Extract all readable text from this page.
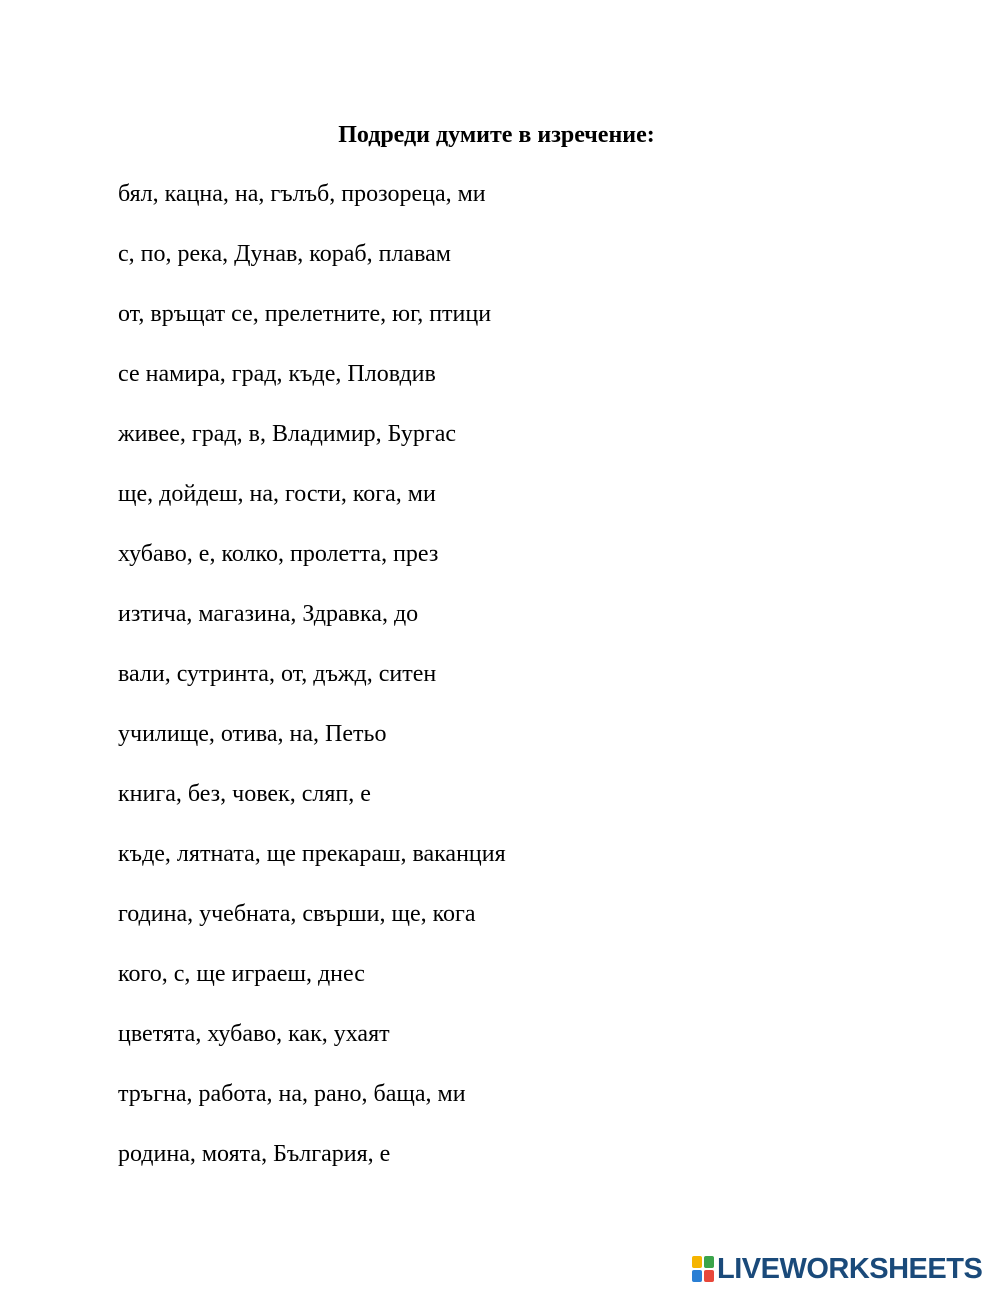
Подреди думите в изречение:
бял, кацна, на, гълъб, прозореца, ми
с, по, река, Дунав, кораб, плавам
от, връщат се, прелетните, юг, птици
се намира, град, къде, Пловдив
живее, град, в, Владимир, Бургас
ще, дойдеш, на, гости, кога, ми
хубаво, е, колко, пролетта, през
изтича, магазина, Здравка, до
вали, сутринта, от, дъжд, ситен
училище, отива, на, Петьо
книга, без, човек, сляп, е
къде, лятната, ще прекараш, ваканция
година, учебната, свърши, ще, кога
кого, с, ще играеш, днес
цветята, хубаво, как, ухаят
тръгна, работа, на, рано, баща, ми
родина, моята, България, е
LIVEWORKSHEETS
